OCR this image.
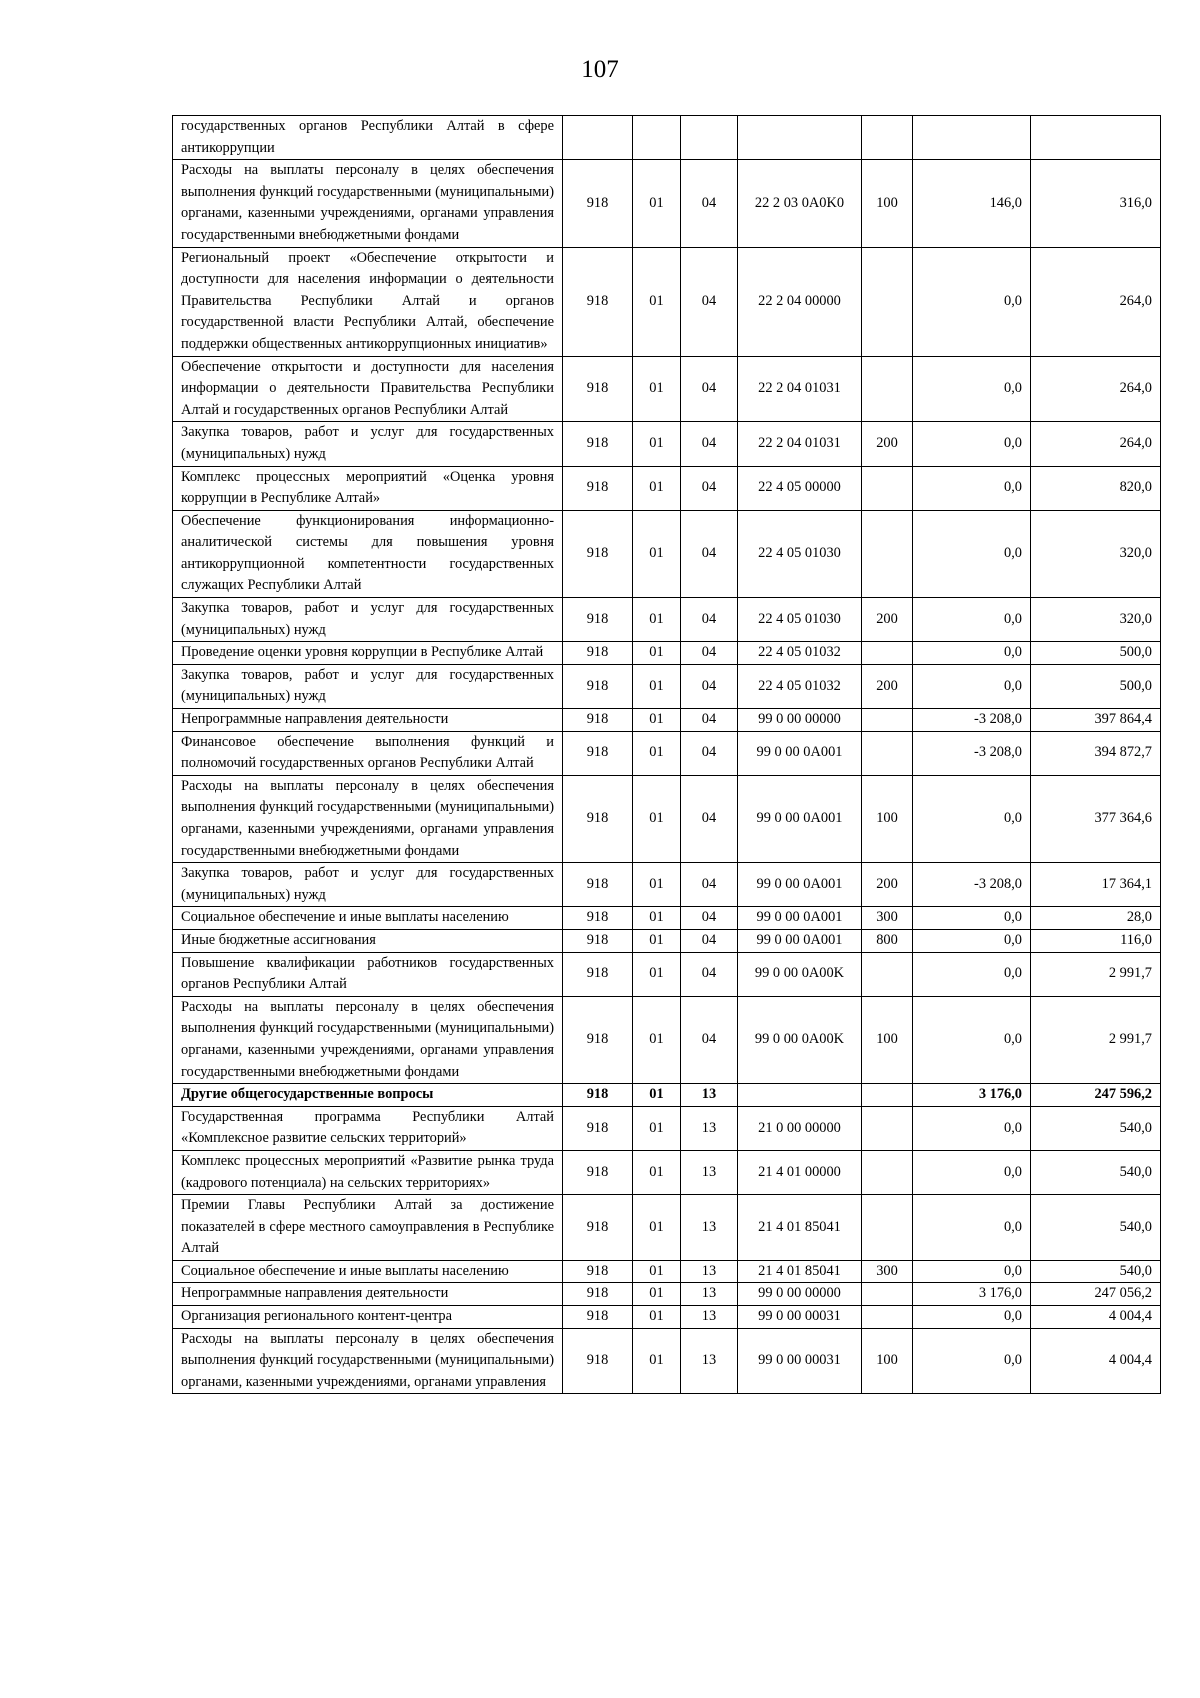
107
государственных органов Республики Алтай в сфере антикоррупции							
Расходы на выплаты персоналу в целях обеспечения выполнения функций государственными (муниципальными) органами, казенными учреждениями, органами управления государственными внебюджетными фондами	918	01	04	22 2 03 0A0K0	100	146,0	316,0
Региональный проект «Обеспечение открытости и доступности для населения информации о деятельности Правительства Республики Алтай и органов государственной власти Республики Алтай, обеспечение поддержки общественных антикоррупционных инициатив»	918	01	04	22 2 04 00000		0,0	264,0
Обеспечение открытости и доступности для населения информации о деятельности Правительства Республики Алтай и государственных органов Республики Алтай	918	01	04	22 2 04 01031		0,0	264,0
Закупка товаров, работ и услуг для государственных (муниципальных) нужд	918	01	04	22 2 04 01031	200	0,0	264,0
Комплекс процессных мероприятий «Оценка уровня коррупции в Республике Алтай»	918	01	04	22 4 05 00000		0,0	820,0
Обеспечение функционирования информационно-аналитической системы для повышения уровня антикоррупционной компетентности государственных служащих Республики Алтай	918	01	04	22 4 05 01030		0,0	320,0
Закупка товаров, работ и услуг для государственных (муниципальных) нужд	918	01	04	22 4 05 01030	200	0,0	320,0
Проведение оценки уровня коррупции в Республике Алтай	918	01	04	22 4 05 01032		0,0	500,0
Закупка товаров, работ и услуг для государственных (муниципальных) нужд	918	01	04	22 4 05 01032	200	0,0	500,0
Непрограммные направления деятельности	918	01	04	99 0 00 00000		-3 208,0	397 864,4
Финансовое обеспечение выполнения функций и полномочий государственных органов Республики Алтай	918	01	04	99 0 00 0A001		-3 208,0	394 872,7
Расходы на выплаты персоналу в целях обеспечения выполнения функций государственными (муниципальными) органами, казенными учреждениями, органами управления государственными внебюджетными фондами	918	01	04	99 0 00 0A001	100	0,0	377 364,6
Закупка товаров, работ и услуг для государственных (муниципальных) нужд	918	01	04	99 0 00 0A001	200	-3 208,0	17 364,1
Социальное обеспечение и иные выплаты населению	918	01	04	99 0 00 0A001	300	0,0	28,0
Иные бюджетные ассигнования	918	01	04	99 0 00 0A001	800	0,0	116,0
Повышение квалификации работников государственных органов Республики Алтай	918	01	04	99 0 00 0A00K		0,0	2 991,7
Расходы на выплаты персоналу в целях обеспечения выполнения функций государственными (муниципальными) органами, казенными учреждениями, органами управления государственными внебюджетными фондами	918	01	04	99 0 00 0A00K	100	0,0	2 991,7
Другие общегосударственные вопросы	918	01	13			3 176,0	247 596,2
Государственная программа Республики Алтай «Комплексное развитие сельских территорий»	918	01	13	21 0 00 00000		0,0	540,0
Комплекс процессных мероприятий «Развитие рынка труда (кадрового потенциала) на сельских территориях»	918	01	13	21 4 01 00000		0,0	540,0
Премии Главы Республики Алтай за достижение показателей в сфере местного самоуправления в Республике Алтай	918	01	13	21 4 01 85041		0,0	540,0
Социальное обеспечение и иные выплаты населению	918	01	13	21 4 01 85041	300	0,0	540,0
Непрограммные направления деятельности	918	01	13	99 0 00 00000		3 176,0	247 056,2
Организация регионального контент-центра	918	01	13	99 0 00 00031		0,0	4 004,4
Расходы на выплаты персоналу в целях обеспечения выполнения функций государственными (муниципальными) органами, казенными учреждениями, органами управления	918	01	13	99 0 00 00031	100	0,0	4 004,4
